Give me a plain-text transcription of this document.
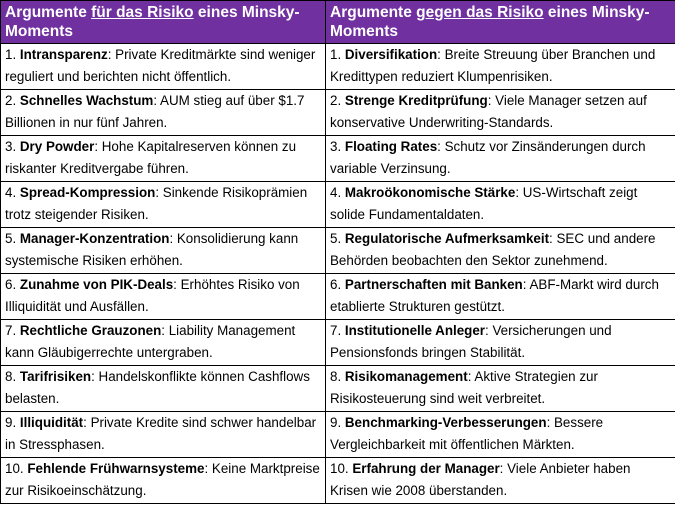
Argumente für das Risiko eines Minsky-Moments	Argumente gegen das Risiko eines Minsky-Moments
1. Intransparenz: Private Kreditmärkte sind weniger reguliert und berichten nicht öffentlich.	1. Diversifikation: Breite Streuung über Branchen und Kredittypen reduziert Klumpenrisiken.
2. Schnelles Wachstum: AUM stieg auf über $1.7 Billionen in nur fünf Jahren.	2. Strenge Kreditprüfung: Viele Manager setzen auf konservative Underwriting-Standards.
3. Dry Powder: Hohe Kapitalreserven können zu riskanter Kreditvergabe führen.	3. Floating Rates: Schutz vor Zinsänderungen durch variable Verzinsung.
4. Spread-Kompression: Sinkende Risikoprämien trotz steigender Risiken.	4. Makroökonomische Stärke: US-Wirtschaft zeigt solide Fundamentaldaten.
5. Manager-Konzentration: Konsolidierung kann systemische Risiken erhöhen.	5. Regulatorische Aufmerksamkeit: SEC und andere Behörden beobachten den Sektor zunehmend.
6. Zunahme von PIK-Deals: Erhöhtes Risiko von Illiquidität und Ausfällen.	6. Partnerschaften mit Banken: ABF-Markt wird durch etablierte Strukturen gestützt.
7. Rechtliche Grauzonen: Liability Management kann Gläubigerrechte untergraben.	7. Institutionelle Anleger: Versicherungen und Pensionsfonds bringen Stabilität.
8. Tarifrisiken: Handelskonflikte können Cashflows belasten.	8. Risikomanagement: Aktive Strategien zur Risikosteuerung sind weit verbreitet.
9. Illiquidität: Private Kredite sind schwer handelbar in Stressphasen.	9. Benchmarking-Verbesserungen: Bessere Vergleichbarkeit mit öffentlichen Märkten.
10. Fehlende Frühwarnsysteme: Keine Marktpreise zur Risikoeinschätzung.	10. Erfahrung der Manager: Viele Anbieter haben Krisen wie 2008 überstanden.
